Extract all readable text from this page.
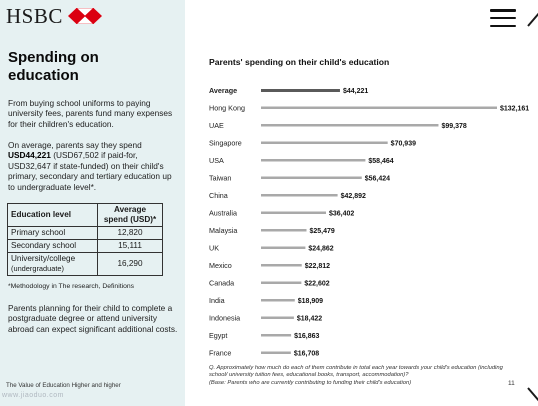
HSBC
Spending on
education

From buying school uniforms to paying university fees, parents fund many expenses for their children's education.

On average, parents say they spend USD44,221 (USD67,502 if paid-for, USD32,647 if state-funded) on their child's primary, secondary and tertiary education up to undergraduate level*.

Education level	Average spend (USD)*
Primary school	12,820
Secondary school	15,111

University/college
(undergraduate)	16,290
*Methodology in The research, Definitions

Parents planning for their child to complete a postgraduate degree or attend university abroad can expect significant additional costs.

The Value of Education Higher and higher
www.jiaoduo.com
Parents' spending on their child's education
Average	$44,221
Hong Kong	$132,161
UAE	$99,378
Singapore	$70,939
USA	$58,464
Taiwan	$56,424
China	$42,892
Australia	$36,402
Malaysia	$25,479
UK	$24,862
Mexico	$22,812
Canada	$22,602
India	$18,909
Indonesia	$18,422
Egypt	$16,863
France	$16,708
Q. Approximately how much do each of them contribute in total each year towards your child's education (including school/ university tuition fees, educational books, transport, accommodation)?
(Base: Parents who are currently contributing to funding their child's education)	11
